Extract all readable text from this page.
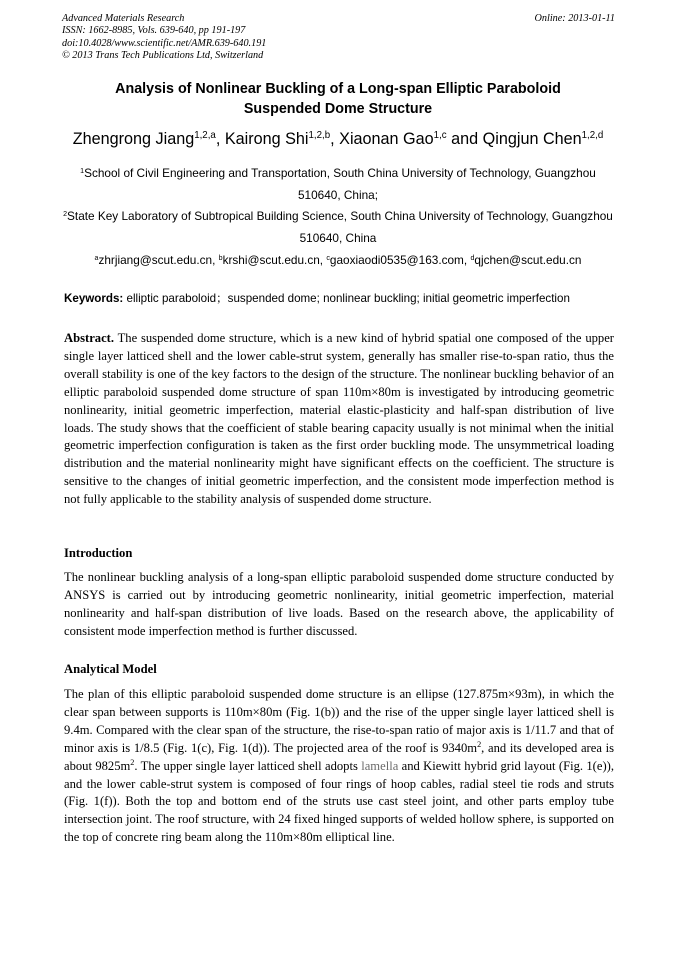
Advanced Materials Research
ISSN: 1662-8985, Vols. 639-640, pp 191-197
doi:10.4028/www.scientific.net/AMR.639-640.191
© 2013 Trans Tech Publications Ltd, Switzerland
Online: 2013-01-11
Analysis of Nonlinear Buckling of a Long-span Elliptic Paraboloid
Suspended Dome Structure
Zhengrong Jiang$^{1,2,a}$, Kairong Shi$^{1,2,b}$, Xiaonan Gao$^{1,c}$ and Qingjun Chen$^{1,2,d}$
$^1$School of Civil Engineering and Transportation, South China University of Technology, Guangzhou 510640, China;
$^2$State Key Laboratory of Subtropical Building Science, South China University of Technology, Guangzhou 510640, China
$^a$zhrjiang@scut.edu.cn, $^b$krshi@scut.edu.cn, $^c$gaoxiaodi0535@163.com, $^d$qjchen@scut.edu.cn
Keywords: elliptic paraboloid；suspended dome; nonlinear buckling; initial geometric imperfection

Abstract. The suspended dome structure, which is a new kind of hybrid spatial one composed of the upper single layer latticed shell and the lower cable-strut system, generally has smaller rise-to-span ratio, thus the overall stability is one of the key factors to the design of the structure. The nonlinear buckling behavior of an elliptic paraboloid suspended dome structure of span 110m×80m is investigated by introducing geometric nonlinearity, initial geometric imperfection, material elastic-plasticity and half-span distribution of live loads. The study shows that the coefficient of stable bearing capacity usually is not minimal when the initial geometric imperfection configuration is taken as the first order buckling mode. The unsymmetrical loading distribution and the material nonlinearity might have significant effects on the coefficient. The structure is sensitive to the changes of initial geometric imperfection, and the consistent mode imperfection method is not fully applicable to the stability analysis of suspended dome structure.

Introduction

The nonlinear buckling analysis of a long-span elliptic paraboloid suspended dome structure conducted by ANSYS is carried out by introducing geometric nonlinearity, initial geometric imperfection, material nonlinearity and half-span distribution of live loads. Based on the research above, the applicability of consistent mode imperfection method is further discussed.

Analytical Model

The plan of this elliptic paraboloid suspended dome structure is an ellipse (127.875m×93m), in which the clear span between supports is 110m×80m (Fig. 1(b)) and the rise of the upper single layer latticed shell is 9.4m. Compared with the clear span of the structure, the rise-to-span ratio of major axis is 1/11.7 and that of minor axis is 1/8.5 (Fig. 1(c), Fig. 1(d)). The projected area of the roof is $9340m^2$, and its developed area is about $9825m^2$. The upper single layer latticed shell adopts lamella and Kiewitt hybrid grid layout (Fig. 1(e)), and the lower cable-strut system is composed of four rings of hoop cables, radial steel tie rods and struts (Fig. 1(f)). Both the top and bottom end of the struts use cast steel joint, and other parts employ tube intersection joint. The roof structure, with 24 fixed hinged supports of welded hollow sphere, is supported on the top of concrete ring beam along the 110m×80m elliptical line.
